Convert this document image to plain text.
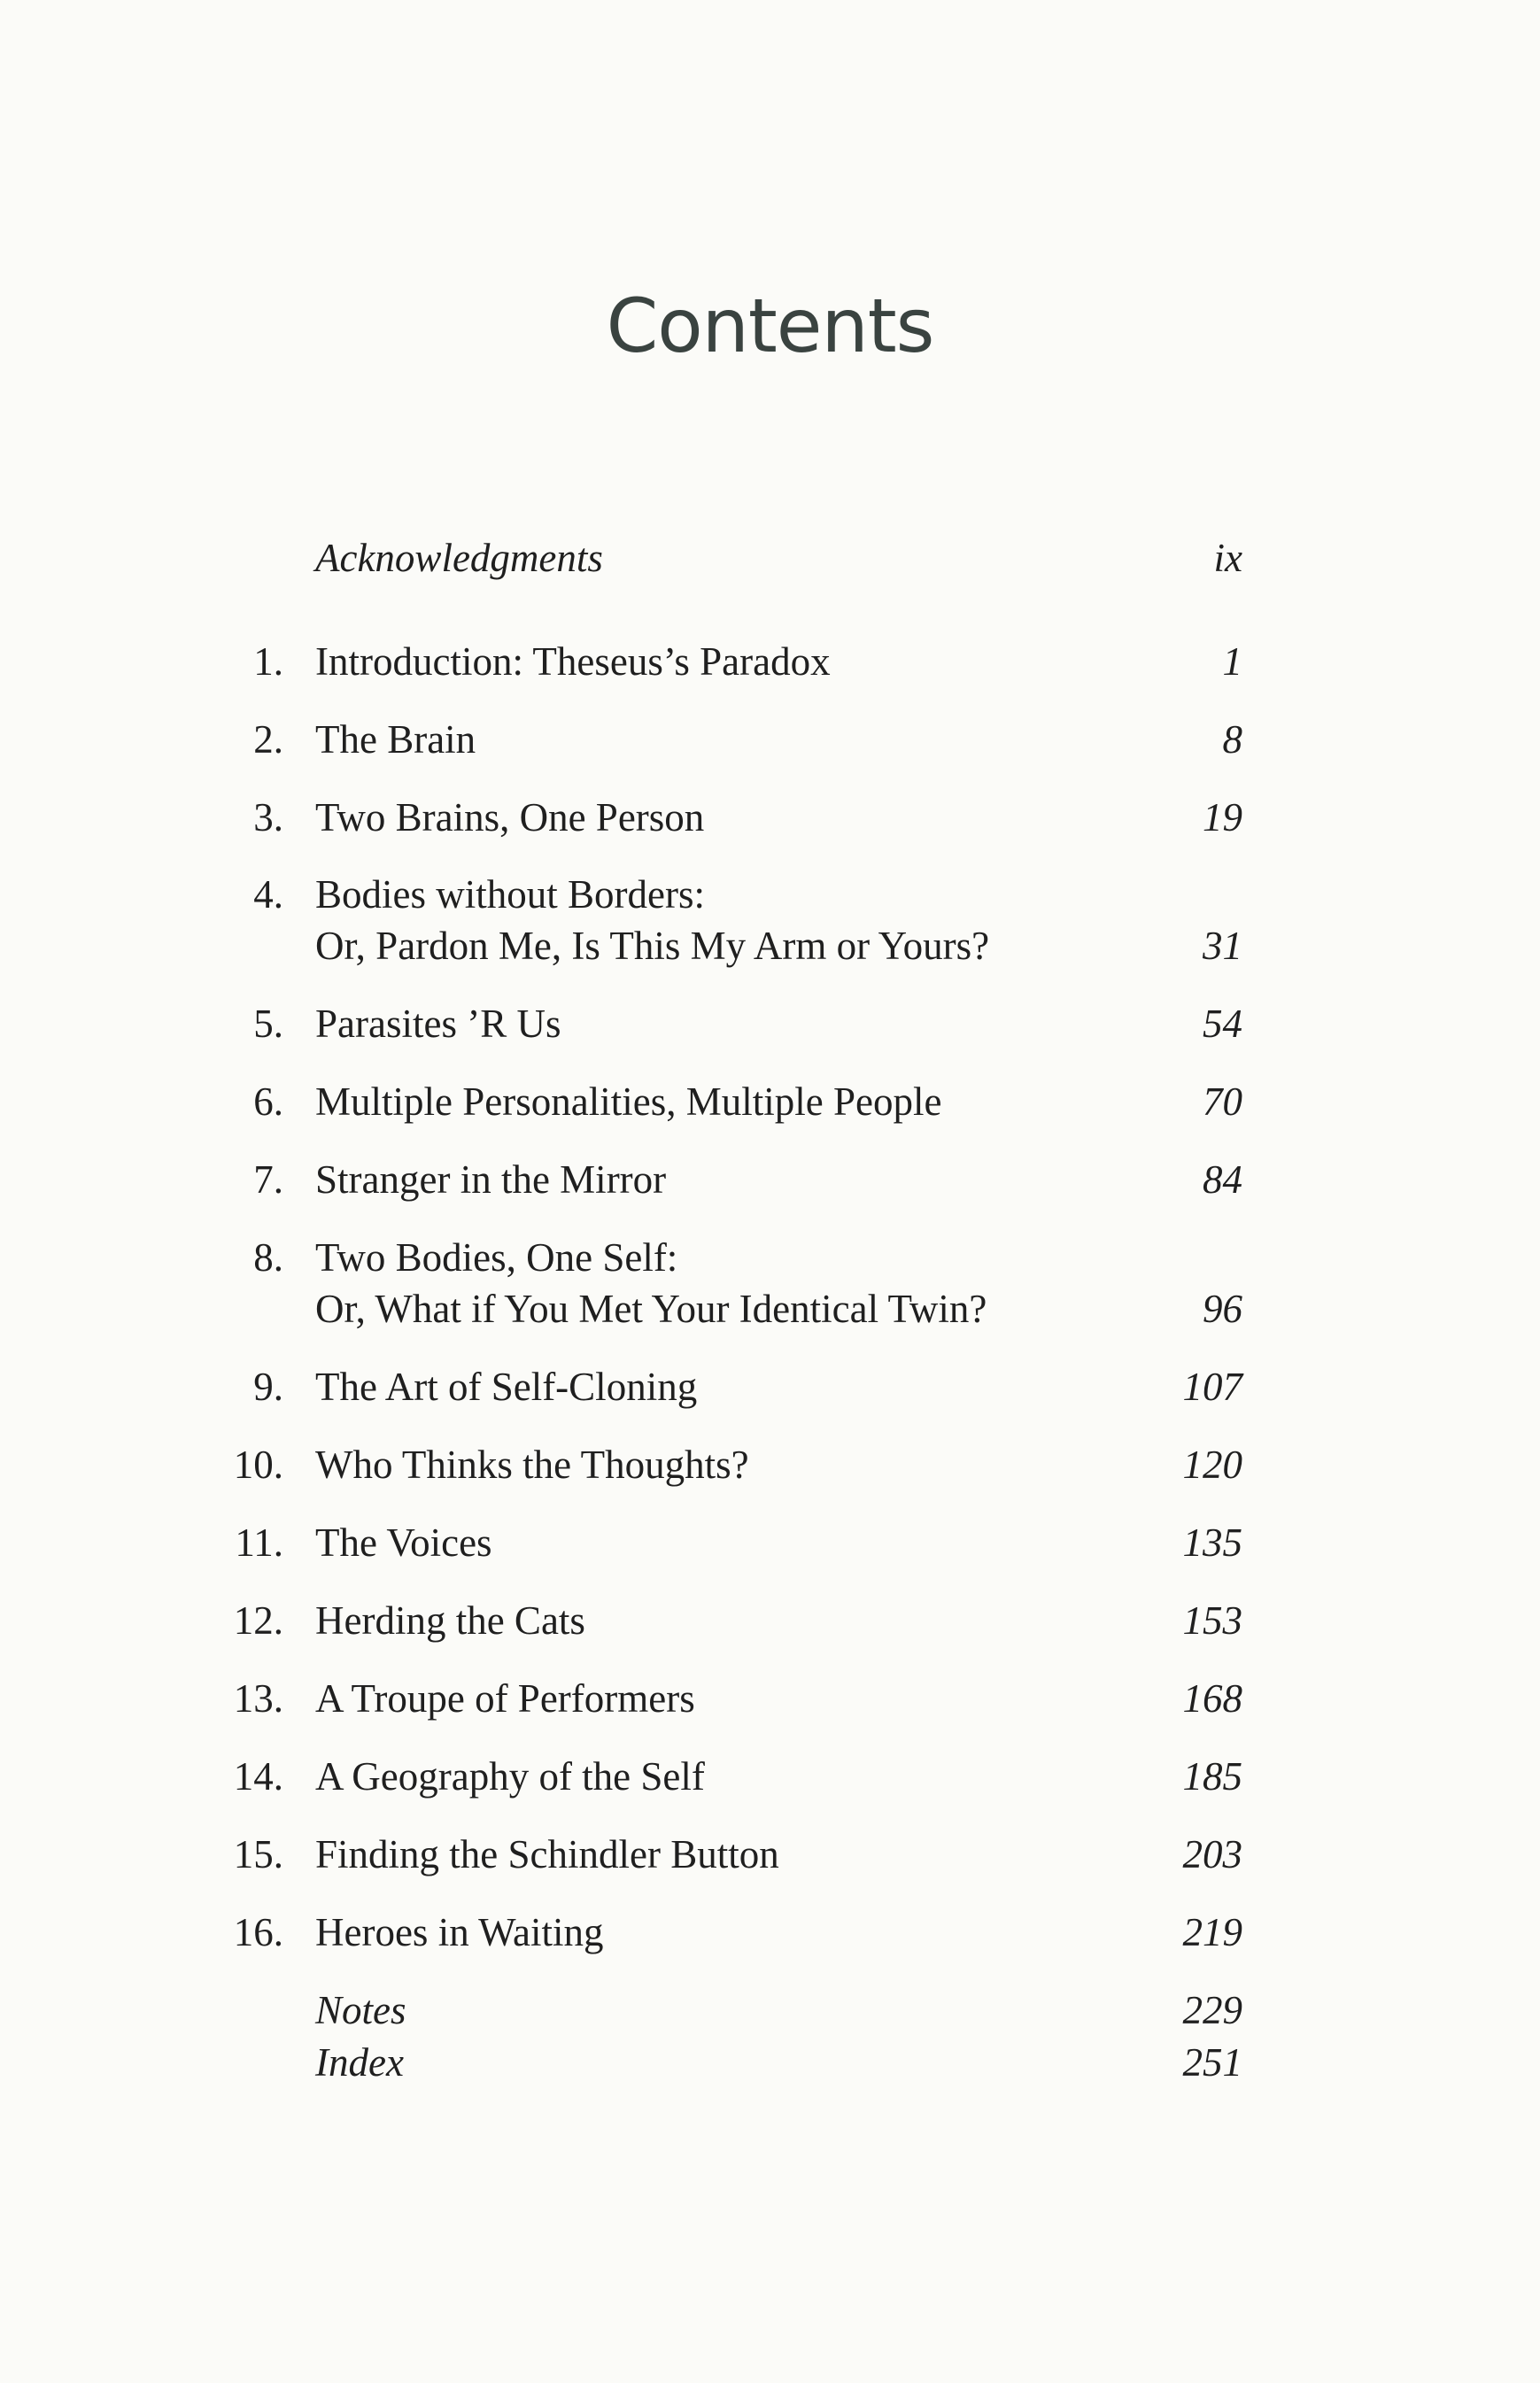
Contents
Acknowledgments	ix
1. Introduction: Theseus’s Paradox	1
2. The Brain	8
3. Two Brains, One Person	19
4. Bodies without Borders:
Or, Pardon Me, Is This My Arm or Yours?	31
5. Parasites ’R Us	54
6. Multiple Personalities, Multiple People	70
7. Stranger in the Mirror	84
8. Two Bodies, One Self:
Or, What if You Met Your Identical Twin?	96
9. The Art of Self-Cloning	107
10. Who Thinks the Thoughts?	120
11. The Voices	135
12. Herding the Cats	153
13. A Troupe of Performers	168
14. A Geography of the Self	185
15. Finding the Schindler Button	203
16. Heroes in Waiting	219
Notes	229
Index	251
